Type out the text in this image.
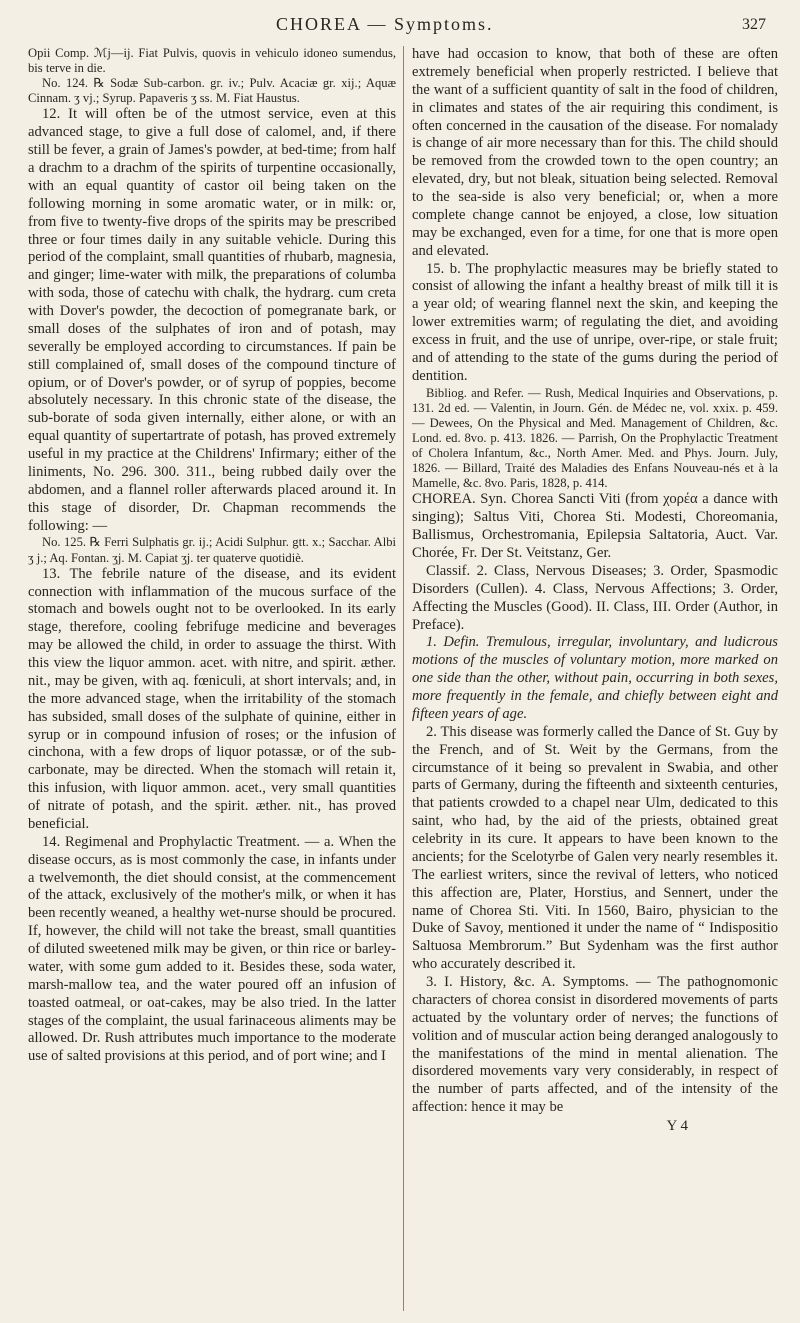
CHOREA — Symptoms.	327

Opii Comp. ℳj—ij. Fiat Pulvis, quovis in vehiculo idoneo sumendus, bis terve in die.

No. 124. ℞ Sodæ Sub-carbon. gr. iv.; Pulv. Acaciæ gr. xij.; Aquæ Cinnam. ʒ vj.; Syrup. Papaveris ʒ ss. M. Fiat Haustus.

12. It will often be of the utmost service, even at this advanced stage, to give a full dose of calomel, and, if there still be fever, a grain of James's powder, at bed-time; from half a drachm to a drachm of the spirits of turpentine occasionally, with an equal quantity of castor oil being taken on the following morning in some aromatic water, or in milk: or, from five to twenty-five drops of the spirits may be prescribed three or four times daily in any suitable vehicle. During this period of the complaint, small quantities of rhubarb, magnesia, and ginger; lime-water with milk, the preparations of columba with soda, those of catechu with chalk, the hydrarg. cum creta with Dover's powder, the decoction of pomegranate bark, or small doses of the sulphates of iron and of potash, may severally be employed according to circumstances. If pain be still complained of, small doses of the compound tincture of opium, or of Dover's powder, or of syrup of poppies, become absolutely necessary. In this chronic state of the disease, the sub-borate of soda given internally, either alone, or with an equal quantity of supertartrate of potash, has proved extremely useful in my practice at the Childrens' Infirmary; either of the liniments, No. 296. 300. 311., being rubbed daily over the abdomen, and a flannel roller afterwards placed around it. In this stage of disorder, Dr. Chapman recommends the following: —

No. 125. ℞ Ferri Sulphatis gr. ij.; Acidi Sulphur. gtt. x.; Sacchar. Albi ʒ j.; Aq. Fontan. ʒj. M. Capiat ʒj. ter quaterve quotidiè.

13. The febrile nature of the disease, and its evident connection with inflammation of the mucous surface of the stomach and bowels ought not to be overlooked. In its early stage, therefore, cooling febrifuge medicine and beverages may be allowed the child, in order to assuage the thirst. With this view the liquor ammon. acet. with nitre, and spirit. æther. nit., may be given, with aq. fœniculi, at short intervals; and, in the more advanced stage, when the irritability of the stomach has subsided, small doses of the sulphate of quinine, either in syrup or in compound infusion of roses; or the infusion of cinchona, with a few drops of liquor potassæ, or of the sub-carbonate, may be directed. When the stomach will retain it, this infusion, with liquor ammon. acet., very small quantities of nitrate of potash, and the spirit. æther. nit., has proved beneficial.

14. Regimenal and Prophylactic Treatment. — a. When the disease occurs, as is most commonly the case, in infants under a twelvemonth, the diet should consist, at the commencement of the attack, exclusively of the mother's milk, or when it has been recently weaned, a healthy wet-nurse should be procured. If, however, the child will not take the breast, small quantities of diluted sweetened milk may be given, or thin rice or barley-water, with some gum added to it. Besides these, soda water, marsh-mallow tea, and the water poured off an infusion of toasted oatmeal, or oat-cakes, may be also tried. In the latter stages of the complaint, the usual farinaceous aliments may be allowed. Dr. Rush attributes much importance to the moderate use of salted provisions at this period, and of port wine; and I

have had occasion to know, that both of these are often extremely beneficial when properly restricted. I believe that the want of a sufficient quantity of salt in the food of children, in climates and states of the air requiring this condiment, is often concerned in the causation of the disease. For nomalady is change of air more necessary than for this. The child should be removed from the crowded town to the open country; an elevated, dry, but not bleak, situation being selected. Removal to the sea-side is also very beneficial; or, when a more complete change cannot be enjoyed, a close, low situation may be exchanged, even for a time, for one that is more open and elevated.

15. b. The prophylactic measures may be briefly stated to consist of allowing the infant a healthy breast of milk till it is a year old; of wearing flannel next the skin, and keeping the lower extremities warm; of regulating the diet, and avoiding excess in fruit, and the use of unripe, over-ripe, or stale fruit; and of attending to the state of the gums during the period of dentition.

Bibliog. and Refer. — Rush, Medical Inquiries and Observations, p. 131. 2d ed. — Valentin, in Journ. Gén. de Médec ne, vol. xxix. p. 459. — Dewees, On the Physical and Med. Management of Children, &c. Lond. ed. 8vo. p. 413. 1826. — Parrish, On the Prophylactic Treatment of Cholera Infantum, &c., North Amer. Med. and Phys. Journ. July, 1826. — Billard, Traité des Maladies des Enfans Nouveau-nés et à la Mamelle, &c. 8vo. Paris, 1828, p. 414.

CHOREA. Syn. Chorea Sancti Viti (from χορέα a dance with singing); Saltus Viti, Chorea Sti. Modesti, Choreomania, Ballismus, Orchestromania, Epilepsia Saltatoria, Auct. Var. Chorée, Fr. Der St. Veitstanz, Ger.

Classif. 2. Class, Nervous Diseases; 3. Order, Spasmodic Disorders (Cullen). 4. Class, Nervous Affections; 3. Order, Affecting the Muscles (Good). II. Class, III. Order (Author, in Preface).

1. Defin. Tremulous, irregular, involuntary, and ludicrous motions of the muscles of voluntary motion, more marked on one side than the other, without pain, occurring in both sexes, more frequently in the female, and chiefly between eight and fifteen years of age.

2. This disease was formerly called the Dance of St. Guy by the French, and of St. Weit by the Germans, from the circumstance of it being so prevalent in Swabia, and other parts of Germany, during the fifteenth and sixteenth centuries, that patients crowded to a chapel near Ulm, dedicated to this saint, who had, by the aid of the priests, obtained great celebrity in its cure. It appears to have been known to the ancients; for the Scelotyrbe of Galen very nearly resembles it. The earliest writers, since the revival of letters, who noticed this affection are, Plater, Horstius, and Sennert, under the name of Chorea Sti. Viti. In 1560, Bairo, physician to the Duke of Savoy, mentioned it under the name of “ Indispositio Saltuosa Membrorum.” But Sydenham was the first author who accurately described it.

3. I. History, &c. A. Symptoms. — The pathognomonic characters of chorea consist in disordered movements of parts actuated by the voluntary order of nerves; the functions of volition and of muscular action being deranged analogously to the manifestations of the mind in mental alienation. The disordered movements vary very considerably, in respect of the number of parts affected, and of the intensity of the affection: hence it may be

Y 4
